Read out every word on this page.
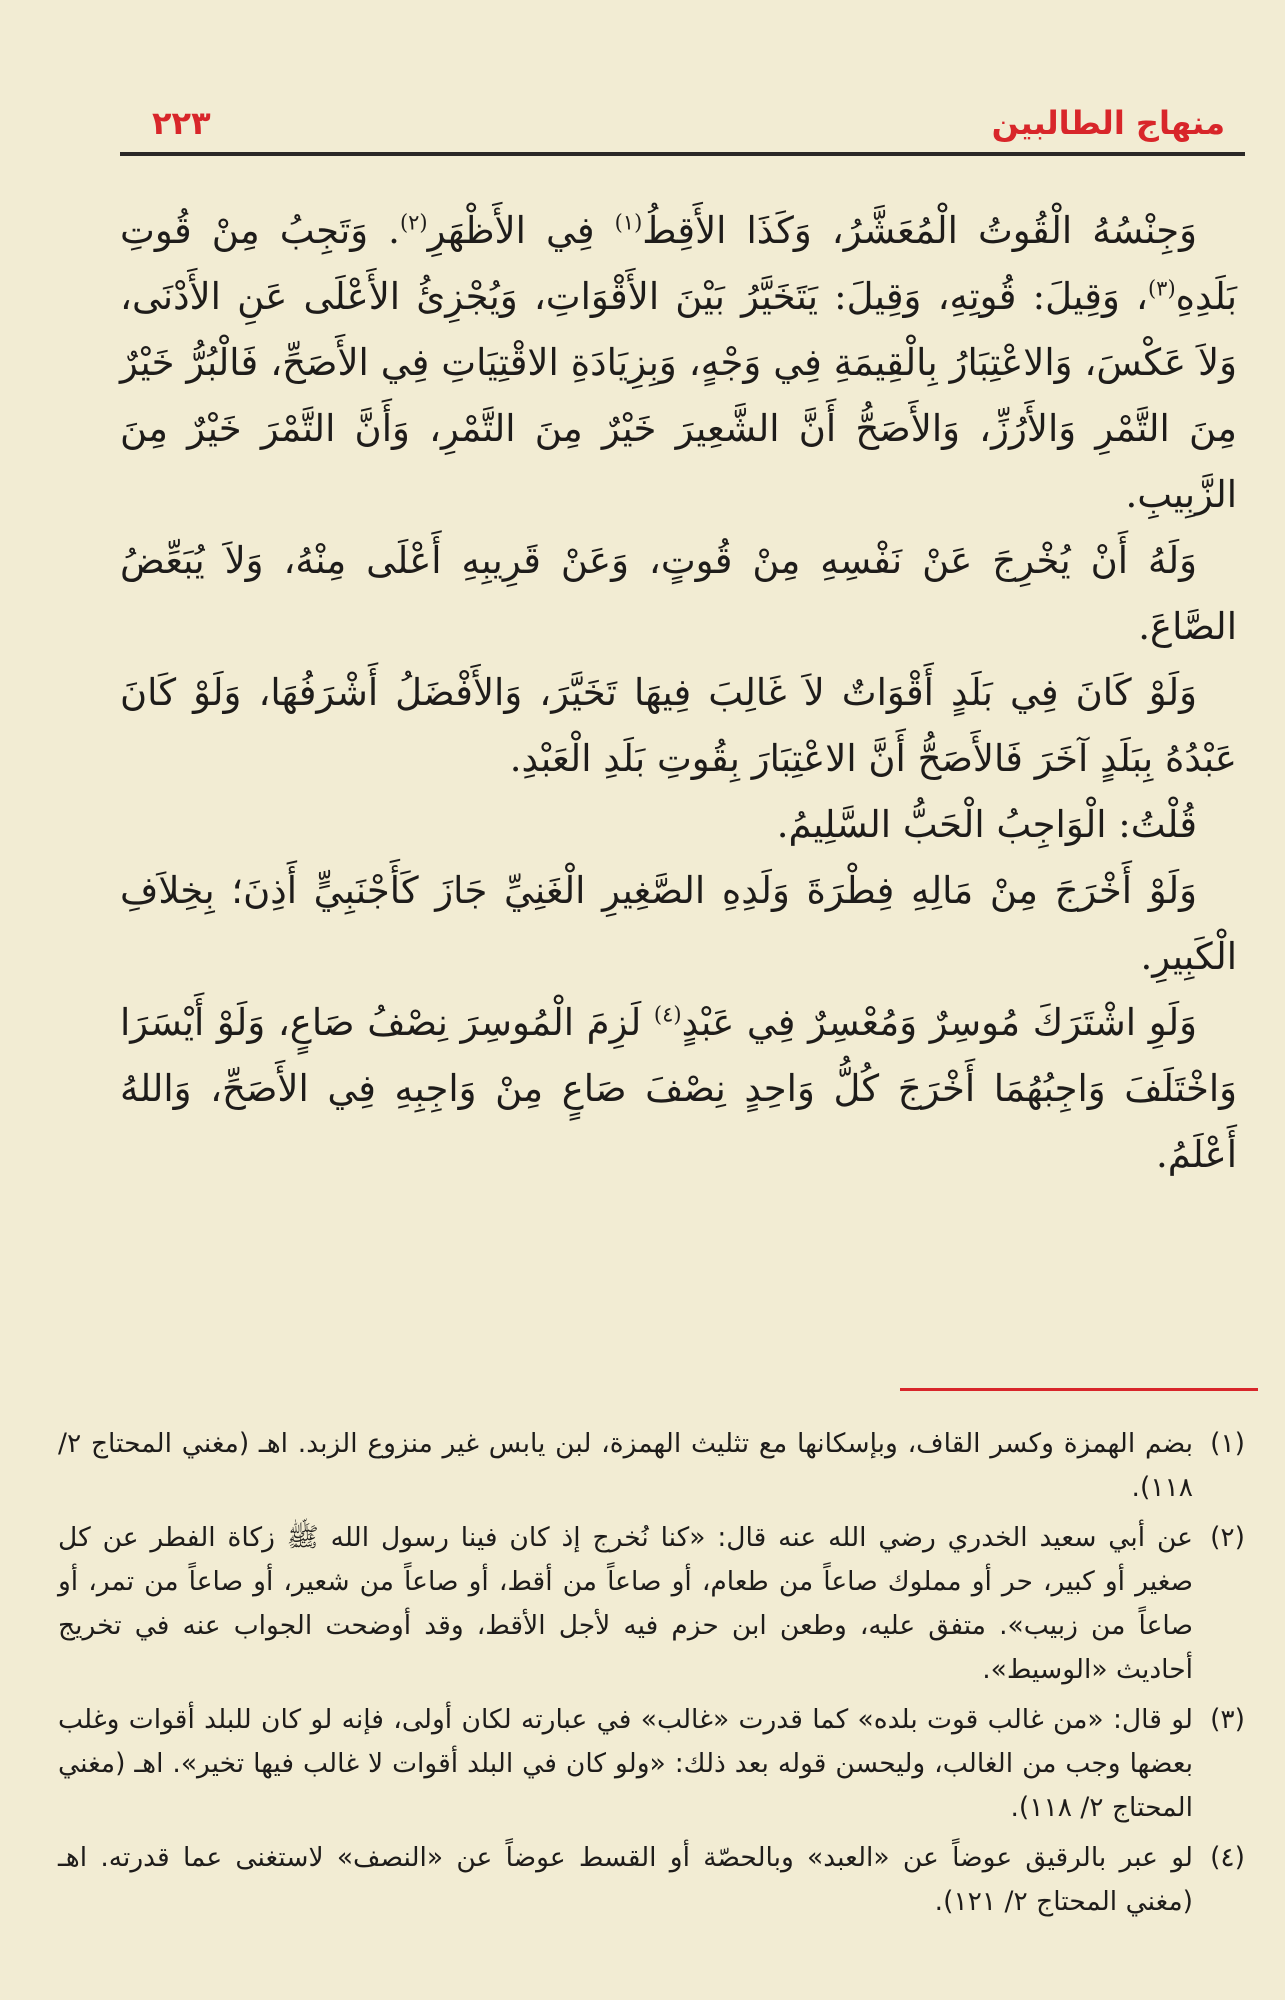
منهاج الطالبين
٢٢٣

وَجِنْسُهُ الْقُوتُ الْمُعَشَّرُ، وَكَذَا الأَقِطُ$^{(١)}$ فِي الأَظْهَرِ$^{(٢)}$. وَتَجِبُ مِنْ قُوتِ بَلَدِهِ$^{(٣)}$، وَقِيلَ: قُوتِهِ، وَقِيلَ: يَتَخَيَّرُ بَيْنَ الأَقْوَاتِ، وَيُجْزِئُ الأَعْلَى عَنِ الأَدْنَى، وَلاَ عَكْسَ، وَالاعْتِبَارُ بِالْقِيمَةِ فِي وَجْهٍ، وَبِزِيَادَةِ الاقْتِيَاتِ فِي الأَصَحِّ، فَالْبُرُّ خَيْرٌ مِنَ التَّمْرِ وَالأَرُزِّ، وَالأَصَحُّ أَنَّ الشَّعِيرَ خَيْرٌ مِنَ التَّمْرِ، وَأَنَّ التَّمْرَ خَيْرٌ مِنَ الزَّبِيبِ.

وَلَهُ أَنْ يُخْرِجَ عَنْ نَفْسِهِ مِنْ قُوتٍ، وَعَنْ قَرِيبِهِ أَعْلَى مِنْهُ، وَلاَ يُبَعِّضُ الصَّاعَ.

وَلَوْ كَانَ فِي بَلَدٍ أَقْوَاتٌ لاَ غَالِبَ فِيهَا تَخَيَّرَ، وَالأَفْضَلُ أَشْرَفُهَا، وَلَوْ كَانَ عَبْدُهُ بِبَلَدٍ آخَرَ فَالأَصَحُّ أَنَّ الاعْتِبَارَ بِقُوتِ بَلَدِ الْعَبْدِ.

قُلْتُ: الْوَاجِبُ الْحَبُّ السَّلِيمُ.

وَلَوْ أَخْرَجَ مِنْ مَالِهِ فِطْرَةَ وَلَدِهِ الصَّغِيرِ الْغَنِيِّ جَازَ كَأَجْنَبِيٍّ أَذِنَ؛ بِخِلاَفِ الْكَبِيرِ.

وَلَوِ اشْتَرَكَ مُوسِرٌ وَمُعْسِرٌ فِي عَبْدٍ$^{(٤)}$ لَزِمَ الْمُوسِرَ نِصْفُ صَاعٍ، وَلَوْ أَيْسَرَا وَاخْتَلَفَ وَاجِبُهُمَا أَخْرَجَ كُلُّ وَاحِدٍ نِصْفَ صَاعٍ مِنْ وَاجِبِهِ فِي الأَصَحِّ، وَاللهُ أَعْلَمُ.

(١)
بضم الهمزة وكسر القاف، وبإسكانها مع تثليث الهمزة، لبن يابس غير منزوع الزبد. اهـ (مغني المحتاج ٢/ ١١٨).
(٢)
عن أبي سعيد الخدري رضي الله عنه قال: «كنا نُخرج إذ كان فينا رسول الله ﷺ زكاة الفطر عن كل صغير أو كبير، حر أو مملوك صاعاً من طعام، أو صاعاً من أقط، أو صاعاً من شعير، أو صاعاً من تمر، أو صاعاً من زبيب». متفق عليه، وطعن ابن حزم فيه لأجل الأقط، وقد أوضحت الجواب عنه في تخريج أحاديث «الوسيط».
(٣)
لو قال: «من غالب قوت بلده» كما قدرت «غالب» في عبارته لكان أولى، فإنه لو كان للبلد أقوات وغلب بعضها وجب من الغالب، وليحسن قوله بعد ذلك: «ولو كان في البلد أقوات لا غالب فيها تخير». اهـ (مغني المحتاج ٢/ ١١٨).
(٤)
لو عبر بالرقيق عوضاً عن «العبد» وبالحصّة أو القسط عوضاً عن «النصف» لاستغنى عما قدرته. اهـ (مغني المحتاج ٢/ ١٢١).
